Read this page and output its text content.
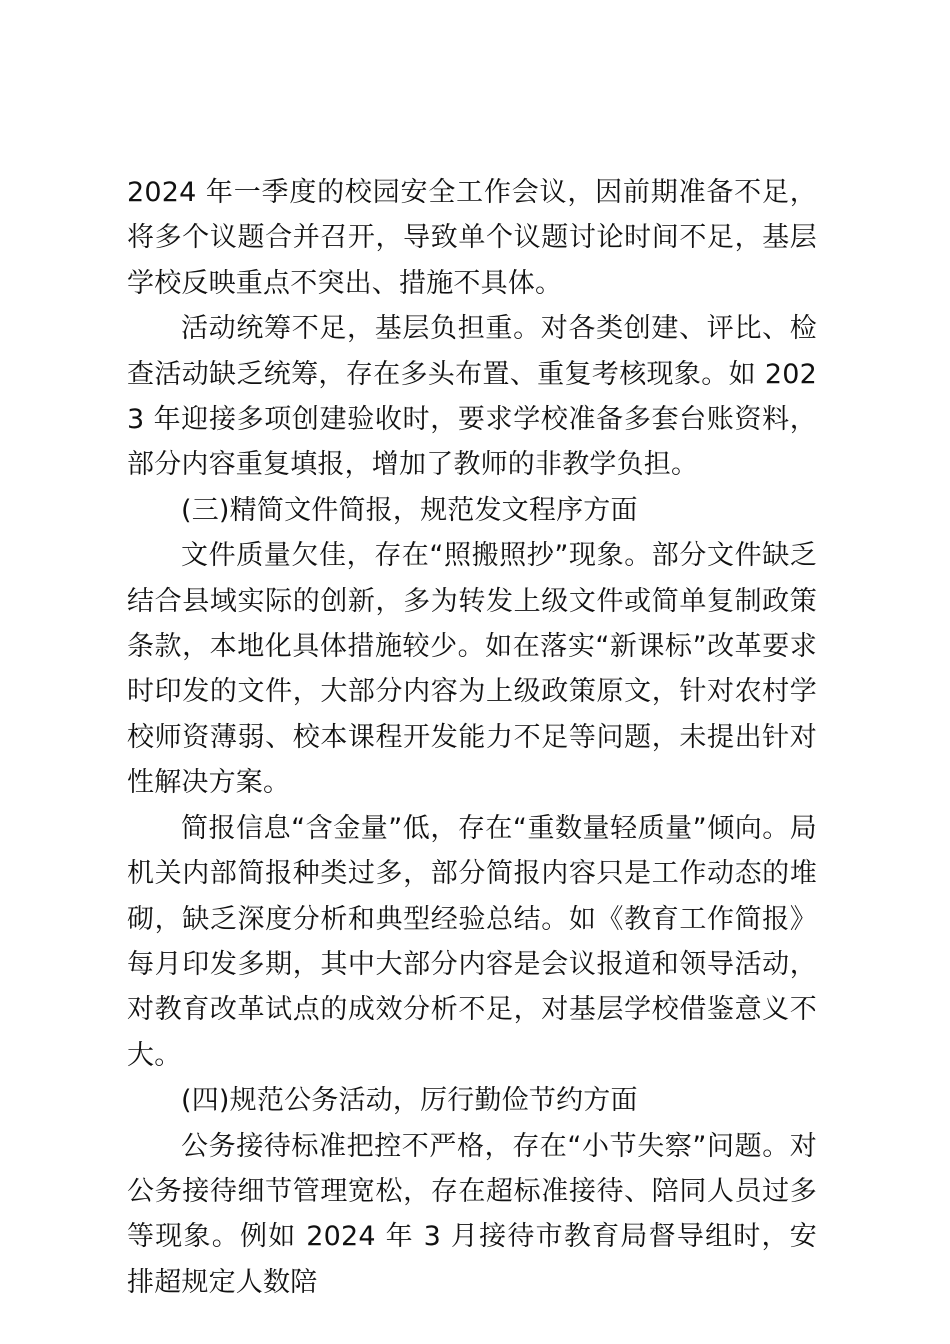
2024 年一季度的校园安全工作会议，因前期准备不足，将多个议题合并召开，导致单个议题讨论时间不足，基层学校反映重点不突出、措施不具体。

活动统筹不足，基层负担重。对各类创建、评比、检查活动缺乏统筹，存在多头布置、重复考核现象。如 2023 年迎接多项创建验收时，要求学校准备多套台账资料，部分内容重复填报，增加了教师的非教学负担。

(三)精简文件简报，规范发文程序方面

文件质量欠佳，存在“照搬照抄”现象。部分文件缺乏结合县域实际的创新，多为转发上级文件或简单复制政策条款，本地化具体措施较少。如在落实“新课标”改革要求时印发的文件，大部分内容为上级政策原文，针对农村学校师资薄弱、校本课程开发能力不足等问题，未提出针对性解决方案。

简报信息“含金量”低，存在“重数量轻质量”倾向。局机关内部简报种类过多，部分简报内容只是工作动态的堆砌，缺乏深度分析和典型经验总结。如《教育工作简报》每月印发多期，其中大部分内容是会议报道和领导活动，对教育改革试点的成效分析不足，对基层学校借鉴意义不大。

(四)规范公务活动，厉行勤俭节约方面

公务接待标准把控不严格，存在“小节失察”问题。对公务接待细节管理宽松，存在超标准接待、陪同人员过多等现象。例如 2024 年 3 月接待市教育局督导组时，安排超规定人数陪
